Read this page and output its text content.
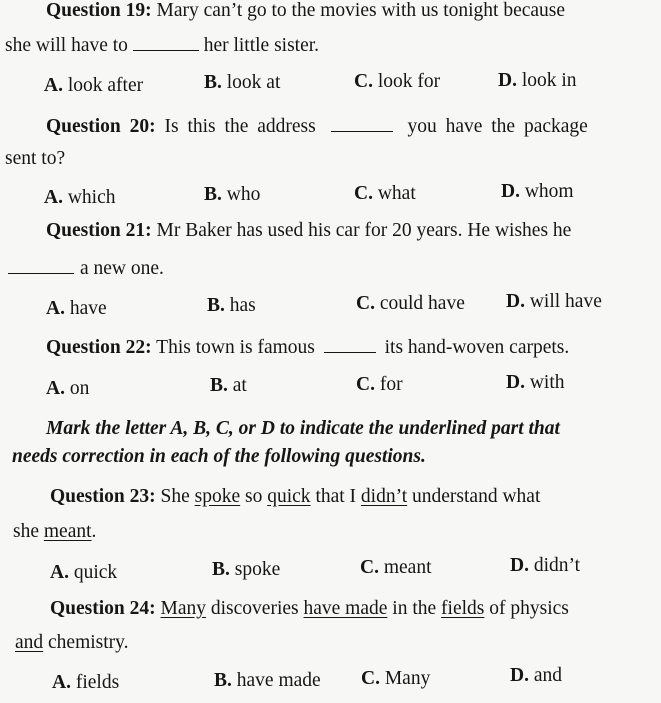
Question 19: Mary can’t go to the movies with us tonight because
she will have to	her little sister.
A. look after	B. look at	C. look for	D. look in
Question 20: Is this the address	you have the package
sent to?
A. which	B. who	C. what	D. whom
Question 21: Mr Baker has used his car for 20 years. He wishes he
a new one.
A. have	B. has	C. could have D. will have
Question 22: This town is famous	its hand-woven carpets.
A. on	B. at	C. for	D. with
Mark the letter A, B, C, or D to indicate the underlined part that
needs correction in each of the following questions.
Question 23: She spoke so quick that I didn’t understand what
she meant.
A. quick	B. spoke	C. meant	D. didn’t
Question 24: Many discoveries have made in the fields of physics
and chemistry.
A. fields	B. have made C. Many	D. and
